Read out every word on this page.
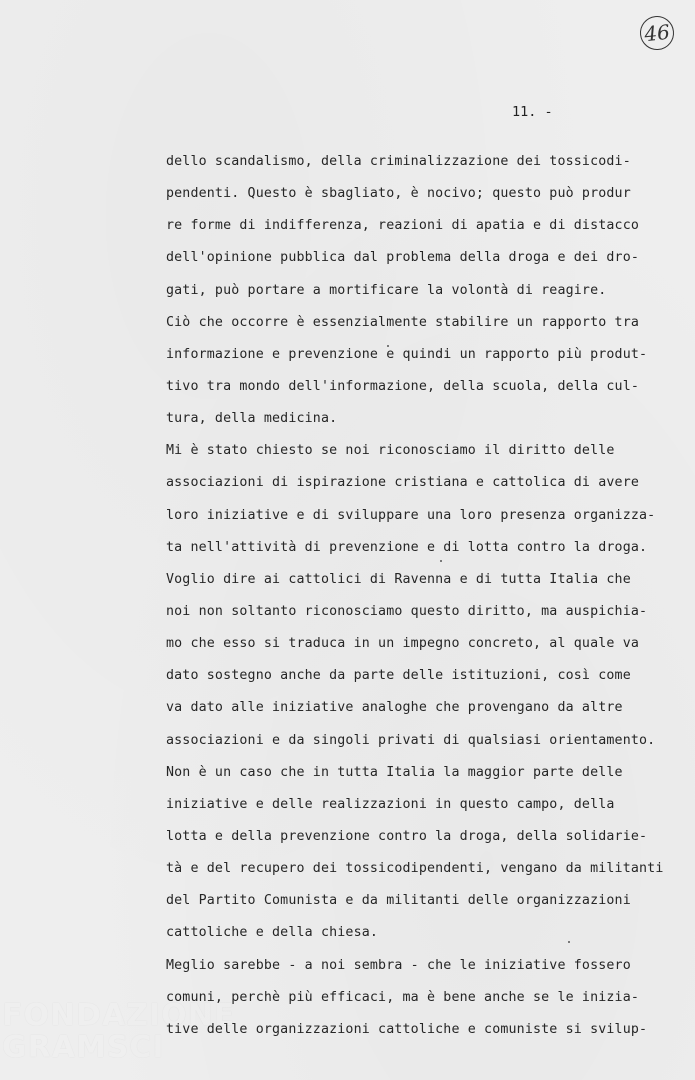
46
11. -
dello scandalismo, della criminalizzazione dei tossicodi-
pendenti. Questo è sbagliato, è nocivo; questo può produr
re forme di indifferenza, reazioni di apatia e di distacco
dell'opinione pubblica dal problema della droga e dei dro-
gati, può portare a mortificare la volontà di reagire.
Ciò che occorre è essenzialmente stabilire un rapporto tra
informazione e prevenzione e quindi un rapporto più produt-
tivo tra mondo dell'informazione, della scuola, della cul-
tura, della medicina.
Mi è stato chiesto se noi riconosciamo il diritto delle
associazioni di ispirazione cristiana e cattolica di avere
loro iniziative e di sviluppare una loro presenza organizza-
ta nell'attività di prevenzione e di lotta contro la droga.
Voglio dire ai cattolici di Ravenna e di tutta Italia che
noi non soltanto riconosciamo questo diritto, ma auspichia-
mo che esso si traduca in un impegno concreto, al quale va
dato sostegno anche da parte delle istituzioni, così come
va dato alle iniziative analoghe che provengano da altre
associazioni e da singoli privati di qualsiasi orientamento.
Non è un caso che in tutta Italia la maggior parte delle
iniziative e delle realizzazioni in questo campo, della
lotta e della prevenzione contro la droga, della solidarie-
tà e del recupero dei tossicodipendenti, vengano da militanti
del Partito Comunista e da militanti delle organizzazioni
cattoliche e della chiesa.
Meglio sarebbe - a noi sembra - che le iniziative fossero
comuni, perchè più efficaci, ma è bene anche se le inizia-
tive delle organizzazioni cattoliche e comuniste si svilup-
FONDAZIONE
GRAMSCI
